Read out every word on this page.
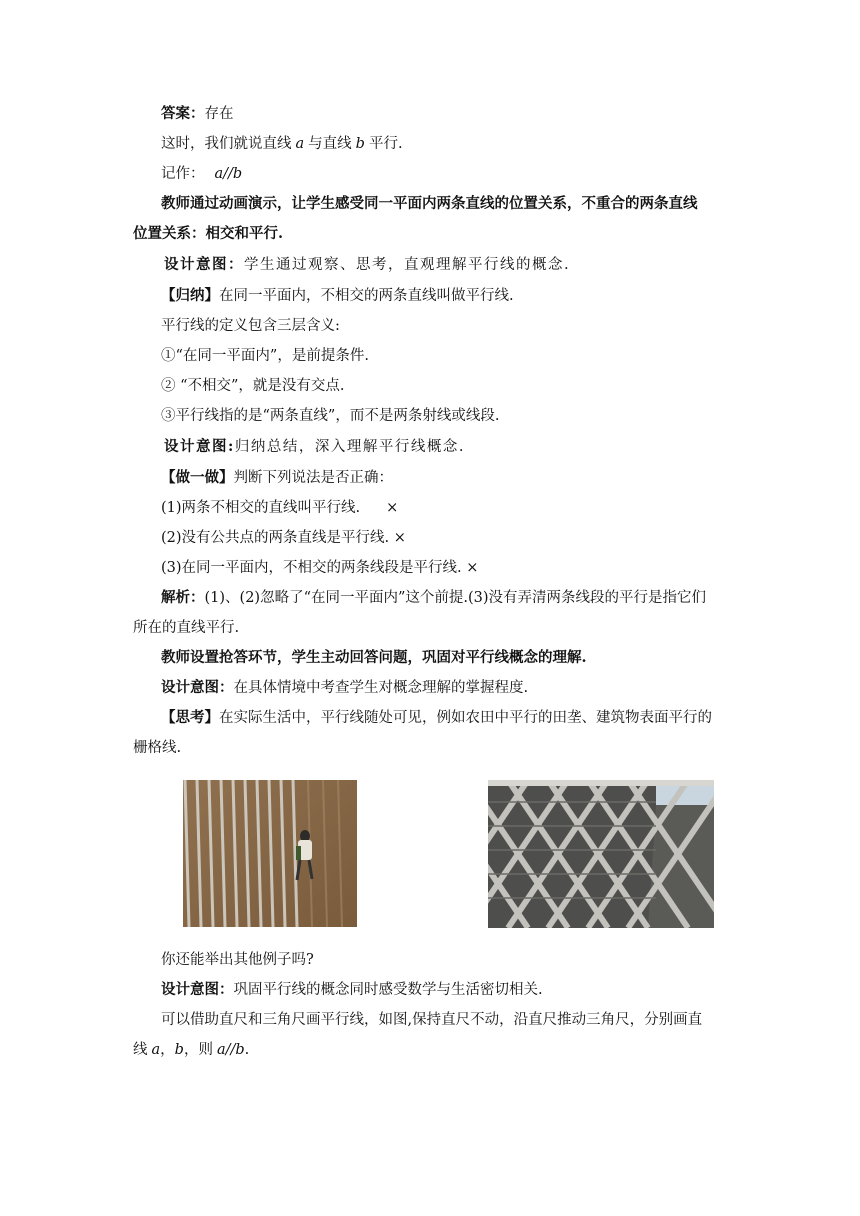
答案：存在
这时，我们就说直线 a 与直线 b 平行.
记作： a//b
教师通过动画演示，让学生感受同一平面内两条直线的位置关系，不重合的两条直线
位置关系：相交和平行.
设计意图：学生通过观察、思考，直观理解平行线的概念.
【归纳】在同一平面内，不相交的两条直线叫做平行线.
平行线的定义包含三层含义:
①“在同一平面内”，是前提条件.
② “不相交”，就是没有交点.
③平行线指的是“两条直线”，而不是两条射线或线段.
设计意图:归纳总结，深入理解平行线概念.
【做一做】判断下列说法是否正确：
(1)两条不相交的直线叫平行线. ×
(2)没有公共点的两条直线是平行线. ×
(3)在同一平面内，不相交的两条线段是平行线. ×
解析：(1)、(2)忽略了“在同一平面内”这个前提.(3)没有弄清两条线段的平行是指它们
所在的直线平行.
教师设置抢答环节，学生主动回答问题，巩固对平行线概念的理解.
设计意图：在具体情境中考查学生对概念理解的掌握程度.
【思考】在实际生活中，平行线随处可见，例如农田中平行的田垄、建筑物表面平行的
栅格线.
你还能举出其他例子吗?
设计意图：巩固平行线的概念同时感受数学与生活密切相关.
可以借助直尺和三角尺画平行线，如图,保持直尺不动，沿直尺推动三角尺，分别画直
线 a，b，则 a//b.
